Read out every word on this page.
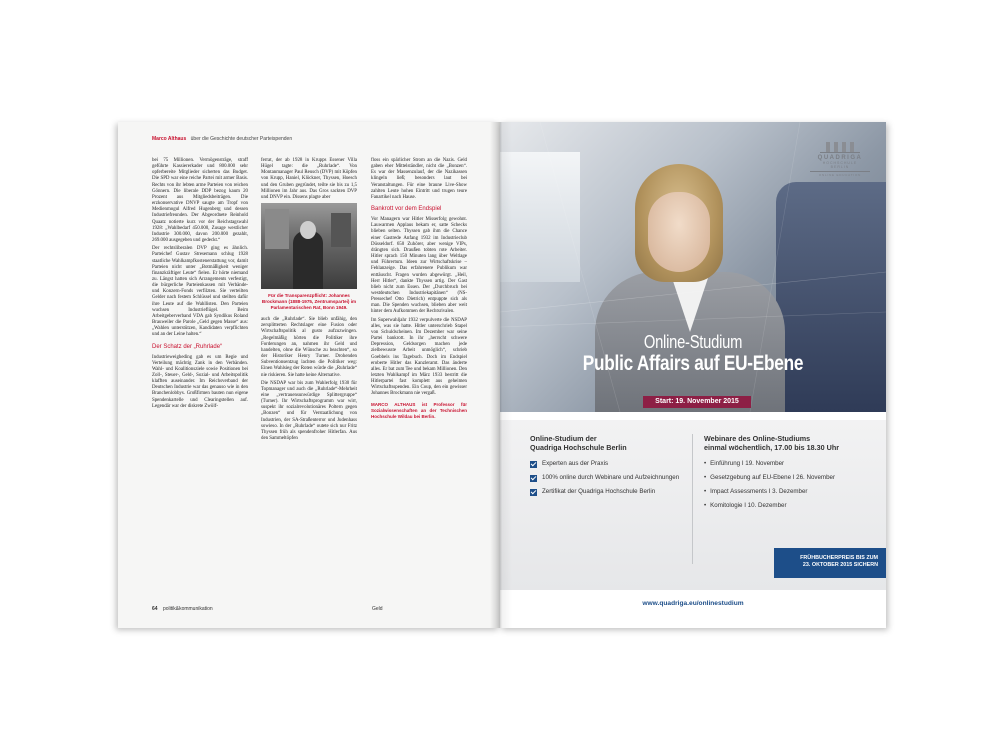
Marco Althaus über die Geschichte deutscher Parteispenden

bei 75 Millionen. Vermögensträge, straff geführte Kassiererkader und 800.000 sehr opferbereite Mitglieder sicherten das Budget. Die SPD war eine reiche Partei mit armer Basis. Rechts von ihr lebten arme Parteien von reichen Gönnern. Die liberale DDP bezog kaum 20 Prozent aus Mitgliedsbeiträgen. Die erzkonservative DNVP saugte am Tropf von Medienmogul Alfred Hugenberg und dessen Industriefreunden. Der Abgeordnete Reinhold Quaatz notierte kurz vor der Reichstagswahl 1928: „Wahlbedarf 450.000, Zusage westlicher Industrie 300.000, davon 200.000 gezahlt, 269.000 ausgegeben und gedeckt.“

Der rechtsliberalen DVP ging es ähnlich. Parteichef Gustav Stresemann schlug 1928 staatliche Wahlkampfkostenerstattung vor, damit Parteien nicht unter „Botmäßigkeit weniger finanzkräftiger Leute“ fielen. Er hörte niemand zu. Längst hatten sich Arrangements verfestigt, die bürgerliche Parteienkassen mit Verbände- und Konzern-Fonds verfilzten. Sie verteilten Gelder nach festem Schlüssel und stellten dafür ihre Leute auf die Wahllisten. Den Parteien wuchsen Industrieflügel. Beim Arbeitgeberverband VDA gab Syndikus Roland Brauweiler die Parole „Geld gegen Masse“ aus: „Wahlen unterstützen, Kandidaten verpflichten und an der Leine halten.“

Der Schatz der „Ruhrlade“

Industrieweigheding gab es um Regie und Verteilung mächtig Zank in den Verbänden. Wahl- und Koalitionsziele sowie Positionen bei Zoll-, Steuer-, Geld-, Sozial- und Arbeitspolitik klafften auseinander. Im Reichsverband der Deutschen Industrie war das genauso wie in den Branchenlobbys. Großfirmen bauten nun eigene Spendenkartelle und Clearingstellen auf. Legendär war der diskrete Zwölf-

ferrat, der ab 1928 in Krupps Essener Villa Hügel tagte: die „Ruhrlade“. Von Montanmanager Paul Reusch (DVP) mit Köpfen von Krupp, Haniel, Klöckner, Thyssen, Hoesch und den Gruben gegründet, teilte sie bis zu 1,5 Millionen im Jahr aus. Das Gros sackten DVP und DNVP ein. Dissens plagte aber

Für die Transparenzpflicht: Johannes Brockmann (1888-1975, Zentrumspartei) im Parlamentarischen Rat, Bonn 1949.

auch die „Ruhrlade“. Sie blieb unfähig, den zersplitterten Rechtslager eine Fusion oder Wirtschaftspolitik al gusto aufzuzwingen. „Regelmäßig hörten die Politiker ihre Forderungen an, nahmen ihr Geld und handelten, ohne die Wünsche zu beachten“, so der Historiker Henry Turner. Drohenden Subventionsentzug lachten die Politiker weg: Einen Wahlsieg der Roten würde die „Ruhrlade“ nie riskieren. Sie hatte keine Alternative.

Die NSDAP war bis zum Wahlerfolg 1930 für Topmanager und auch die „Ruhrlade“-Mehrheit eine „vertrauensunwürdige Splittergruppe“ (Turner). Ihr Wirtschaftsprogramm war wirr, suspekt ihr sozialrevolutionäres Poltern gegen „Bonzen“ und für Verstaatlichung von Industrien, der SA-Straßenterror und Judenhass sowieso. In der „Ruhrlade“ outete sich nur Fritz Thyssen früh als spendenfroher Hitlerfan. Aus den Sammeltöpfen

floss ein spärlicher Strom an die Nazis. Geld gaben eher Mittelständler, nicht die „Bonzen“. Es war der Massenzulauf, der die Nazikassen klingeln ließ; besonders laut bei Veranstaltungen. Für eine braune Live-Show zahlten Leute hohen Eintritt und trugen teure Fanartikel nach Hause.

Bankrott vor dem Endspiel

Vor Managern war Hitler Misserfolg gewohnt. Lauwarmen Applaus bekam er, satte Schecks blieben selten. Thyssen gab ihm die Chance einer Gastrede Anfang 1932 im Industrieclub Düsseldorf. 650 Zuhörer, aber wenige VIPs, drängten sich. Draußen tobten rote Arbeiter. Hitler sprach 150 Minuten lang über Weltlage und Führertum. Ideen zur Wirtschaftskrise – Fehlanzeige. Das erfahrenere Publikum war enttäuscht. Fragen wurden abgewürgt. „Heil, Herr Hitler“, dankte Thyssen artig. Der Gast blieb nicht zum Essen. Der „Durchbruch bei westdeutschen Industriekapitänen“ (NS-Pressechef Otto Dietrich) entpuppte sich als man. Die Spenden wuchsen, blieben aber weit hinter dem Aufkommen der Rechtsrivalen.

Im Superwahljahr 1932 verpulverte die NSDAP alles, was sie hatte. Hitler unterschrieb Stapel von Schuldscheinen. Im Dezember war seine Partei bankrott. In ihr „herrscht schwere Depression, Geldsorgen machen jede zielbewusste Arbeit unmöglich“, schrieb Goebbels ins Tagebuch. Doch im Endspiel eroberte Hitler das Kanzleramt. Das änderte alles. Er bat zum Tee und bekam Millionen. Den letzten Wahlkampf im März 1933 bestritt die Hitlerpartei fast komplett aus geheimen Wirtschaftsspenden. Ein Coup, den ein gewisser Johannes Brockmann nie vergaß.

MARCO ALTHAUS ist Professor für Sozialwissenschaften an der Technischen Hochschule Wildau bei Berlin.
64 politik&kommunikation	Geld
QUADRIGA
HOCHSCHULE
BERLIN
ONLINE EDUCATION
Online-Studium
Public Affairs auf EU-Ebene
Start: 19. November 2015
Online-Studium der
Quadriga Hochschule Berlin
Experten aus der Praxis
100% online durch Webinare und Aufzeichnungen
Zertifikat der Quadriga Hochschule Berlin
Webinare des Online-Studiums
einmal wöchentlich, 17.00 bis 18.30 Uhr
• Einführung I 19. November
• Gesetzgebung auf EU-Ebene I 26. November
• Impact Assessments I 3. Dezember
• Komitologie I 10. Dezember
FRÜHBUCHERPREIS BIS ZUM
23. OKTOBER 2015 SICHERN
www.quadriga.eu/onlinestudium
